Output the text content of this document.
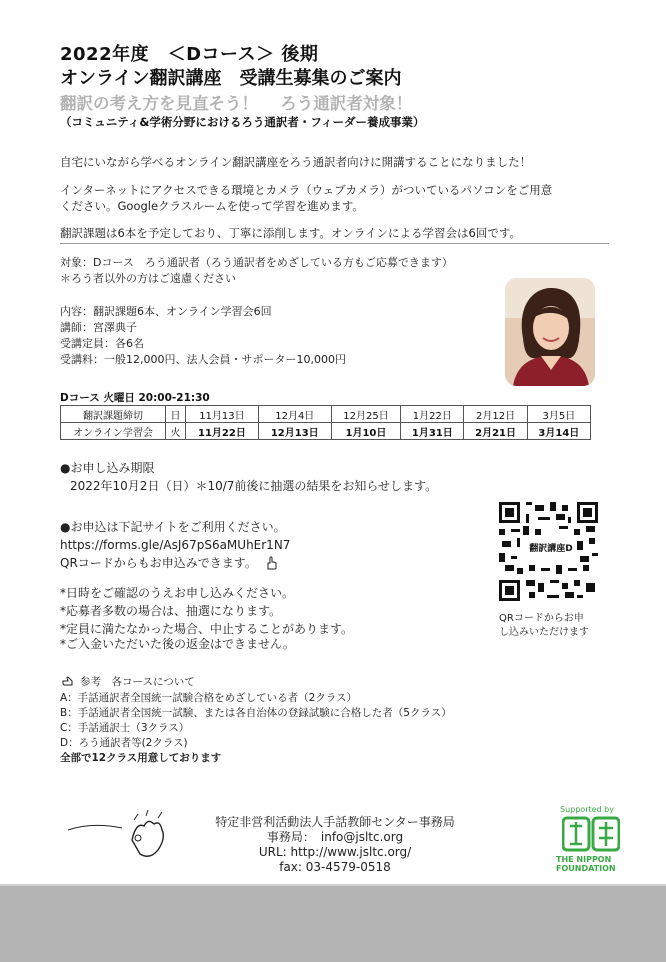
2022年度　＜Dコース＞ 後期
オンライン翻訳講座　受講生募集のご案内
翻訳の考え方を見直そう！　 ろう通訳者対象！
（コミュニティ&学術分野におけるろう通訳者・フィーダー養成事業）
自宅にいながら学べるオンライン翻訳講座をろう通訳者向けに開講することになりました！
インターネットにアクセスできる環境とカメラ（ウェブカメラ）がついているパソコンをご用意
ください。Googleクラスルームを使って学習を進めます。
翻訳課題は6本を予定しており、丁寧に添削します。オンラインによる学習会は6回です。
対象：Dコース　ろう通訳者（ろう通訳者をめざしている方もご応募できます）
＊ろう者以外の方はご遠慮ください
内容：翻訳課題6本、オンライン学習会6回
講師：宮澤典子
受講定員：各6名
受講料：一般12,000円、法人会員・サポーター10,000円
Dコース 火曜日 20:00-21:30
翻訳課題締切	日	11月13日	12月4日	12月25日	1月22日	2月12日	3月5日
オンライン学習会	火	11月22日	12月13日	1月10日	1月31日	2月21日	3月14日
●お申し込み期限
2022年10月2日（日）＊10/7前後に抽選の結果をお知らせします。
●お申込は下記サイトをご利用ください。
https://forms.gle/AsJ67pS6aMUhEr1N7
QRコードからもお申込みできます。
*日時をご確認のうえお申し込みください。
*応募者多数の場合は、抽選になります。
*定員に満たなかった場合、中止することがあります。
*ご入金いただいた後の返金はできません。
翻訳講座D
QRコードからお申
し込みいただけます
参考　各コースについて
A：手話通訳者全国統一試験合格をめざしている者（2クラス）
B：手話通訳者全国統一試験、または各自治体の登録試験に合格した者（5クラス）
C：手話通訳士（3クラス）
D：ろう通訳者等(2クラス)
全部で12クラス用意しております
特定非営利活動法人手話教師センター事務局
事務局：　info@jsltc.org
URL: http://www.jsltc.org/
fax: 03-4579-0518
Supported by
THE NIPPON
FOUNDATION
